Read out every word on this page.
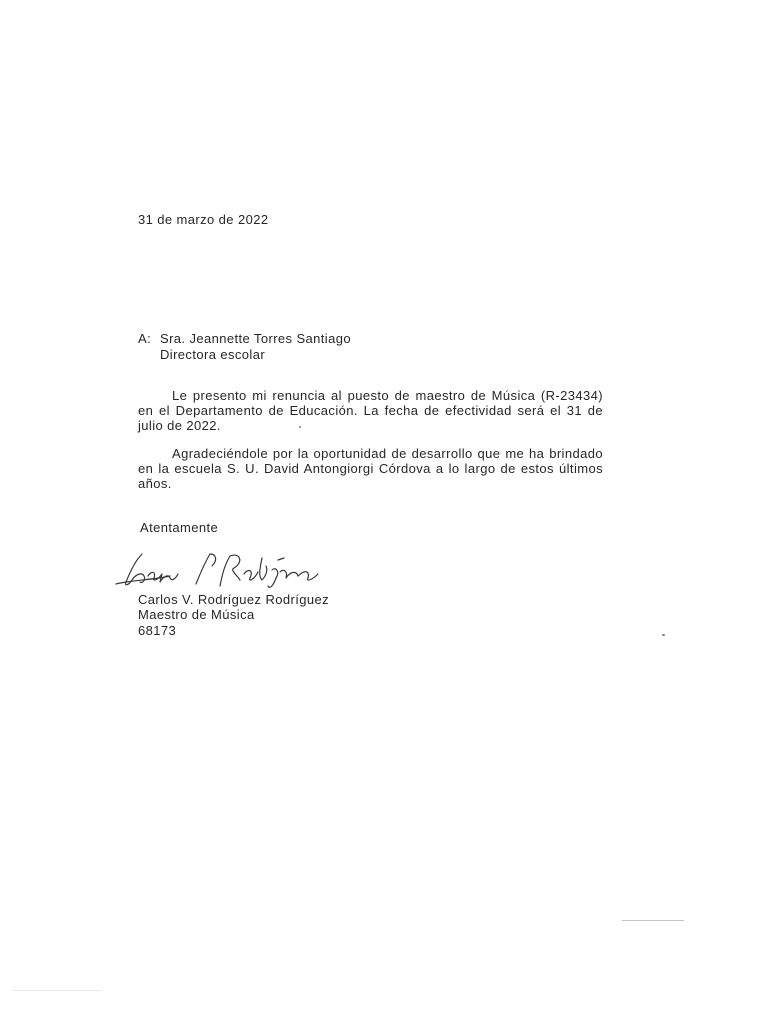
31 de marzo de 2022
A: Sra. Jeannette Torres Santiago
Directora escolar
Le presento mi renuncia al puesto de maestro de Música (R-23434) en el Departamento de Educación. La fecha de efectividad será el 31 de julio de 2022.
Agradeciéndole por la oportunidad de desarrollo que me ha brindado en la escuela S. U. David Antongiorgi Córdova a lo largo de estos últimos años.
Atentamente
Carlos V. Rodríguez Rodríguez
Maestro de Música
68173
